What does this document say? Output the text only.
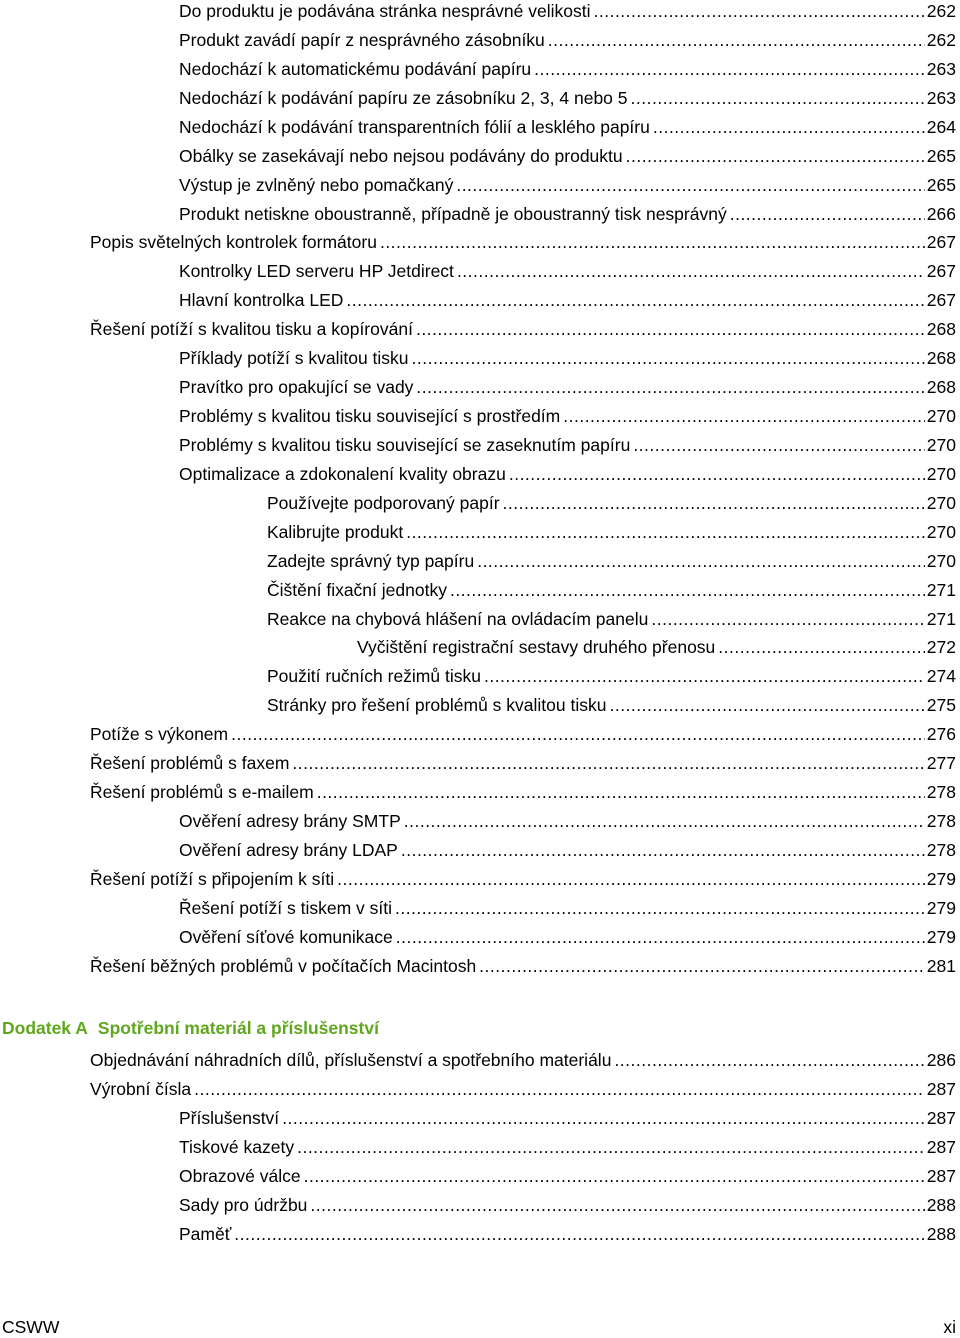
Do produktu je podávána stránka nesprávné velikosti .....	262
Produkt zavádí papír z nesprávného zásobníku .....	262
Nedochází k automatickému podávání papíru .....	263
Nedochází k podávání papíru ze zásobníku 2, 3, 4 nebo 5 .....	263
Nedochází k podávání transparentních fólií a lesklého papíru .....	264
Obálky se zasekávají nebo nejsou podávány do produktu .....	265
Výstup je zvlněný nebo pomačkaný .....	265
Produkt netiskne oboustranně, případně je oboustranný tisk nesprávný .....	266
Popis světelných kontrolek formátoru .....	267
Kontrolky LED serveru HP Jetdirect .....	267
Hlavní kontrolka LED .....	267
Řešení potíží s kvalitou tisku a kopírování .....	268
Příklady potíží s kvalitou tisku .....	268
Pravítko pro opakující se vady .....	268
Problémy s kvalitou tisku související s prostředím .....	270
Problémy s kvalitou tisku související se zaseknutím papíru .....	270
Optimalizace a zdokonalení kvality obrazu .....	270
Používejte podporovaný papír .....	270
Kalibrujte produkt .....	270
Zadejte správný typ papíru .....	270
Čištění fixační jednotky .....	271
Reakce na chybová hlášení na ovládacím panelu .....	271
Vyčištění registrační sestavy druhého přenosu .....	272
Použití ručních režimů tisku .....	274
Stránky pro řešení problémů s kvalitou tisku .....	275
Potíže s výkonem .....	276
Řešení problémů s faxem .....	277
Řešení problémů s e-mailem .....	278
Ověření adresy brány SMTP .....	278
Ověření adresy brány LDAP .....	278
Řešení potíží s připojením k síti .....	279
Řešení potíží s tiskem v síti .....	279
Ověření síťové komunikace .....	279
Řešení běžných problémů v počítačích Macintosh .....	281
Dodatek A Spotřební materiál a příslušenství
Objednávání náhradních dílů, příslušenství a spotřebního materiálu .....	286
Výrobní čísla .....	287
Příslušenství .....	287
Tiskové kazety .....	287
Obrazové válce .....	287
Sady pro údržbu .....	288
Paměť .....	288
CSWW	xi
